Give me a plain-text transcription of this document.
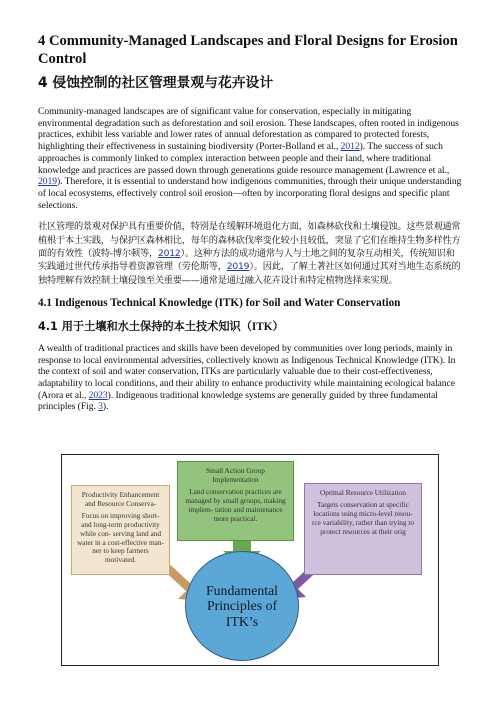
4 Community-Managed Landscapes and Floral Designs for Erosion Control
4 侵蚀控制的社区管理景观与花卉设计

Community-managed landscapes are of significant value for conservation, especially in mitigating environmental degradation such as deforestation and soil erosion. These landscapes, often rooted in indigenous practices, exhibit less variable and lower rates of annual deforestation as compared to protected forests, highlighting their effectiveness in sustaining biodiversity (Porter-Bolland et al., 2012). The success of such approaches is commonly linked to complex interaction between people and their land, where traditional knowledge and practices are passed down through generations guide resource management (Lawrence et al., 2019). Therefore, it is essential to understand how indigenous communities, through their unique understanding of local ecosystems, effectively control soil erosion—often by incorporating floral designs and specific plant selections.

社区管理的景观对保护具有重要价值，特别是在缓解环境退化方面，如森林砍伐和土壤侵蚀。这些景观通常植根于本土实践，与保护区森林相比，每年的森林砍伐率变化较小且较低，突显了它们在维持生物多样性方面的有效性（波特-博尔顿等，2012）。这种方法的成功通常与人与土地之间的复杂互动相关，传统知识和实践通过世代传承指导着资源管理（劳伦斯等，2019）。因此，了解土著社区如何通过其对当地生态系统的独特理解有效控制土壤侵蚀至关重要——通常是通过融入花卉设计和特定植物选择来实现。

4.1 Indigenous Technical Knowledge (ITK) for Soil and Water Conservation
4.1 用于土壤和水土保持的本土技术知识（ITK）

A wealth of traditional practices and skills have been developed by communities over long periods, mainly in response to local environmental adversities, collectively known as Indigenous Technical Knowledge (ITK). In the context of soil and water conservation, ITKs are particularly valuable due to their cost-effectiveness, adaptability to local conditions, and their ability to enhance productivity while maintaining ecological balance (Arora et al., 2023). Indigenous traditional knowledge systems are generally guided by three fundamental principles (Fig. 3).

Productivity Enhancement and Resource Conserva-
Focus on improving short- and long-term productivity while con- serving land and water in a cost-effective man- ner to keep farmers motivated.
Small Action Group Implementation
Land conservation practices are managed by small groups, making implem- tation and maintenance more practical.
Optimal Resource Utilization
Targets conservation at specific locations using micro-level resou- rce variability, rather than trying to protect resources at their orig
Fundamental Principles of ITK’s
